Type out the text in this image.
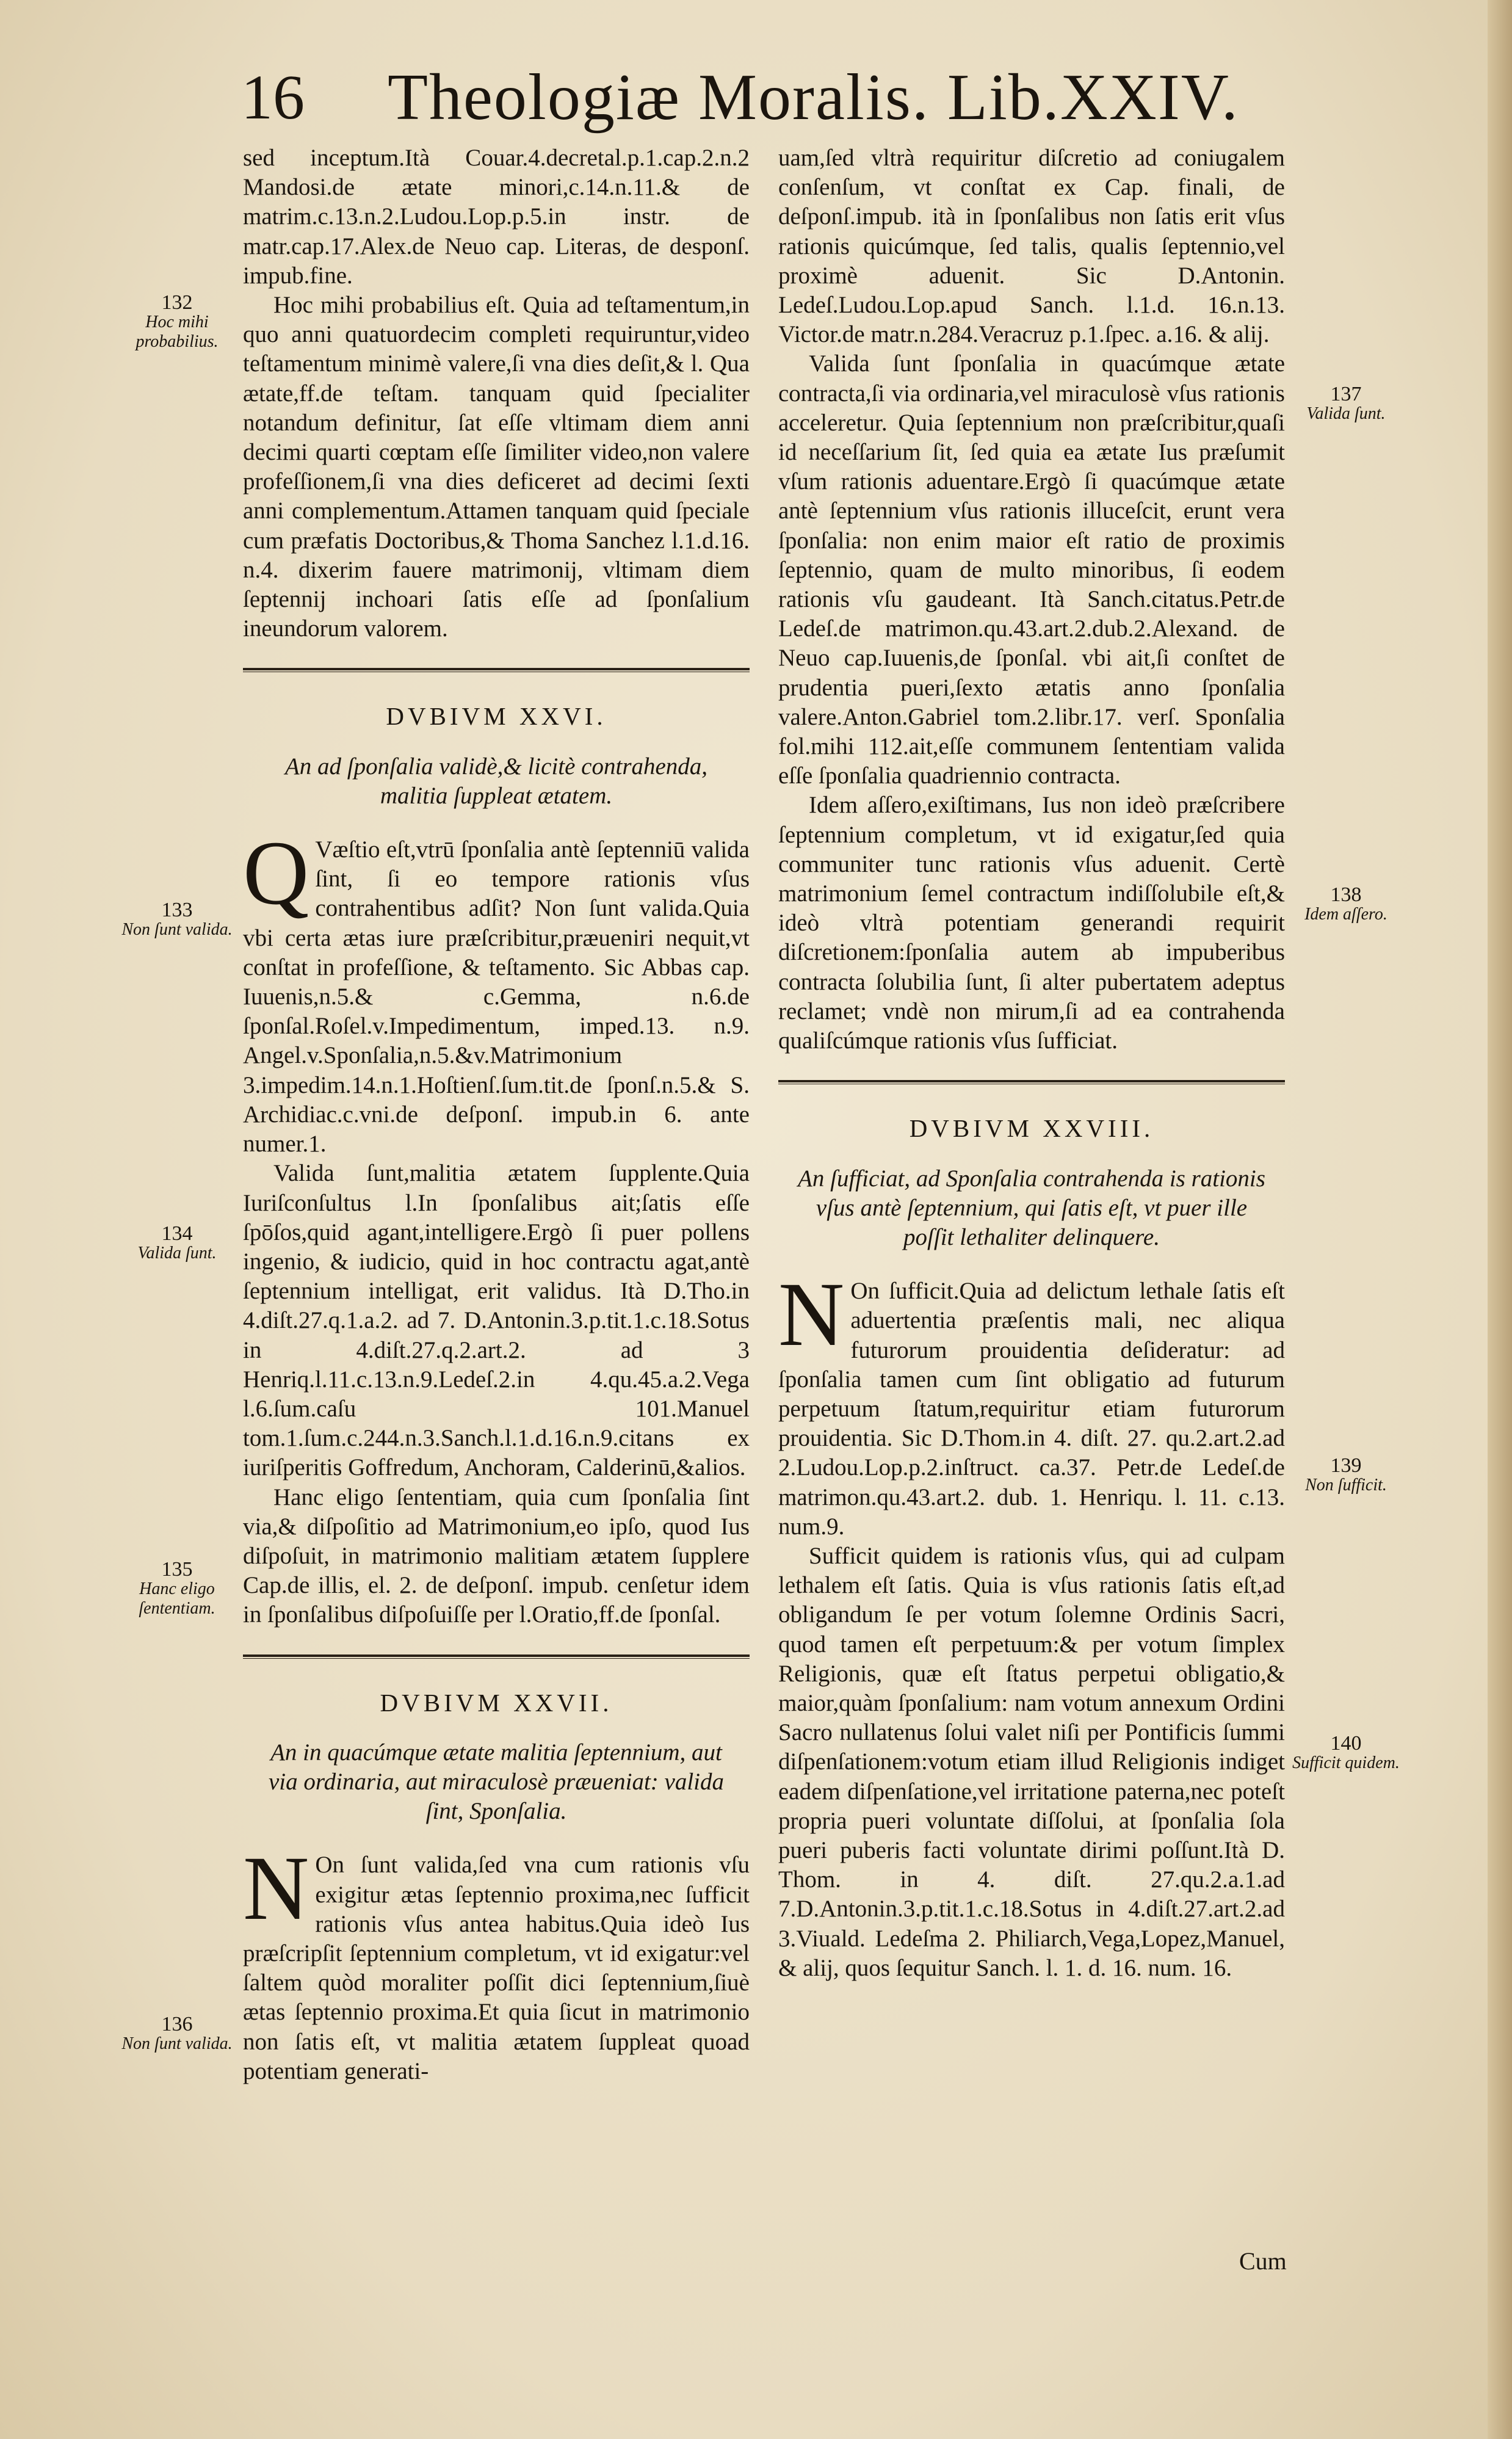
16 Theologiæ Moralis. Lib.XXIV.

sed inceptum.Ità Couar.4.decretal.p.1.cap.2.n.2 Mandosi.de ætate minori,c.14.n.11.& de matrim.c.13.n.2.Ludou.Lop.p.5.in instr. de matr.cap.17.Alex.de Neuo cap. Literas, de desponſ. impub.fine.

Hoc mihi probabilius eſt. Quia ad teſtamentum,in quo anni quatuordecim completi requiruntur,video teſtamentum minimè valere,ſi vna dies deſit,& l. Qua ætate,ff.de teſtam. tanquam quid ſpecialiter notandum definitur, ſat eſſe vltimam diem anni decimi quarti cœptam eſſe ſimiliter video,non valere profeſſionem,ſi vna dies deficeret ad decimi ſexti anni complementum.Attamen tanquam quid ſpeciale cum præfatis Doctoribus,& Thoma Sanchez l.1.d.16. n.4. dixerim fauere matrimonij, vltimam diem ſeptennij inchoari ſatis eſſe ad ſponſalium ineundorum valorem.

DVBIVM XXVI.
An ad ſponſalia validè,& licitè contrahenda, malitia ſuppleat ætatem.

Q Væſtio eſt,vtrū ſponſalia antè ſeptenniū valida ſint, ſi eo tempore rationis vſus contrahentibus adſit? Non ſunt valida.Quia vbi certa ætas iure præſcribitur,præueniri nequit,vt conſtat in profeſſione, & teſtamento. Sic Abbas cap. Iuuenis,n.5.& c.Gemma, n.6.de ſponſal.Roſel.v.Impedimentum, imped.13. n.9. Angel.v.Sponſalia,n.5.&v.Matrimonium 3.impedim.14.n.1.Hoſtienſ.ſum.tit.de ſponſ.n.5.& S. Archidiac.c.vni.de deſponſ. impub.in 6. ante numer.1.

Valida ſunt,malitia ætatem ſupplente.Quia Iuriſconſultus l.In ſponſalibus ait;ſatis eſſe ſpōſos,quid agant,intelligere.Ergò ſi puer pollens ingenio, & iudicio, quid in hoc contractu agat,antè ſeptennium intelligat, erit validus. Ità D.Tho.in 4.diſt.27.q.1.a.2. ad 7. D.Antonin.3.p.tit.1.c.18.Sotus in 4.diſt.27.q.2.art.2. ad 3 Henriq.l.11.c.13.n.9.Ledeſ.2.in 4.qu.45.a.2.Vega l.6.ſum.caſu 101.Manuel tom.1.ſum.c.244.n.3.Sanch.l.1.d.16.n.9.citans ex iuriſperitis Goffredum, Anchoram, Calderinū,&alios.

Hanc eligo ſententiam, quia cum ſponſalia ſint via,& diſpoſitio ad Matrimonium,eo ipſo, quod Ius diſpoſuit, in matrimonio malitiam ætatem ſupplere Cap.de illis, el. 2. de deſponſ. impub. cenſetur idem in ſponſalibus diſpoſuiſſe per l.Oratio,ff.de ſponſal.

DVBIVM XXVII.
An in quacúmque ætate malitia ſeptennium, aut via ordinaria, aut miraculosè præueniat: valida ſint, Sponſalia.

N On ſunt valida,ſed vna cum rationis vſu exigitur ætas ſeptennio proxima,nec ſufficit rationis vſus antea habitus.Quia ideò Ius præſcripſit ſeptennium completum, vt id exigatur:vel ſaltem quòd moraliter poſſit dici ſeptennium,ſiuè ætas ſeptennio proxima.Et quia ſicut in matrimonio non ſatis eſt, vt malitia ætatem ſuppleat quoad potentiam generati-

uam,ſed vltrà requiritur diſcretio ad coniugalem conſenſum, vt conſtat ex Cap. finali, de deſponſ.impub. ità in ſponſalibus non ſatis erit vſus rationis quicúmque, ſed talis, qualis ſeptennio,vel proximè aduenit. Sic D.Antonin. Ledeſ.Ludou.Lop.apud Sanch. l.1.d. 16.n.13. Victor.de matr.n.284.Veracruz p.1.ſpec. a.16. & alij.

Valida ſunt ſponſalia in quacúmque ætate contracta,ſi via ordinaria,vel miraculosè vſus rationis acceleretur. Quia ſeptennium non præſcribitur,quaſi id neceſſarium ſit, ſed quia ea ætate Ius præſumit vſum rationis aduentare.Ergò ſi quacúmque ætate antè ſeptennium vſus rationis illuceſcit, erunt vera ſponſalia: non enim maior eſt ratio de proximis ſeptennio, quam de multo minoribus, ſi eodem rationis vſu gaudeant. Ità Sanch.citatus.Petr.de Ledeſ.de matrimon.qu.43.art.2.dub.2.Alexand. de Neuo cap.Iuuenis,de ſponſal. vbi ait,ſi conſtet de prudentia pueri,ſexto ætatis anno ſponſalia valere.Anton.Gabriel tom.2.libr.17. verſ. Sponſalia fol.mihi 112.ait,eſſe communem ſententiam valida eſſe ſponſalia quadriennio contracta.

Idem aſſero,exiſtimans, Ius non ideò præſcribere ſeptennium completum, vt id exigatur,ſed quia communiter tunc rationis vſus aduenit. Certè matrimonium ſemel contractum indiſſolubile eſt,& ideò vltrà potentiam generandi requirit diſcretionem:ſponſalia autem ab impuberibus contracta ſolubilia ſunt, ſi alter pubertatem adeptus reclamet; vndè non mirum,ſi ad ea contrahenda qualiſcúmque rationis vſus ſufficiat.

DVBIVM XXVIII.
An ſufficiat, ad Sponſalia contrahenda is rationis vſus antè ſeptennium, qui ſatis eſt, vt puer ille poſſit lethaliter delinquere.

N On ſufficit.Quia ad delictum lethale ſatis eſt aduertentia præſentis mali, nec aliqua futurorum prouidentia deſideratur: ad ſponſalia tamen cum ſint obligatio ad futurum perpetuum ſtatum,requiritur etiam futurorum prouidentia. Sic D.Thom.in 4. diſt. 27. qu.2.art.2.ad 2.Ludou.Lop.p.2.inſtruct. ca.37. Petr.de Ledeſ.de matrimon.qu.43.art.2. dub. 1. Henriqu. l. 11. c.13. num.9.

Sufficit quidem is rationis vſus, qui ad culpam lethalem eſt ſatis. Quia is vſus rationis ſatis eſt,ad obligandum ſe per votum ſolemne Ordinis Sacri, quod tamen eſt perpetuum:& per votum ſimplex Religionis, quæ eſt ſtatus perpetui obligatio,& maior,quàm ſponſalium: nam votum annexum Ordini Sacro nullatenus ſolui valet niſi per Pontificis ſummi diſpenſationem:votum etiam illud Religionis indiget eadem diſpenſatione,vel irritatione paterna,nec poteſt propria pueri voluntate diſſolui, at ſponſalia ſola pueri puberis facti voluntate dirimi poſſunt.Ità D. Thom. in 4. diſt. 27.qu.2.a.1.ad 7.D.Antonin.3.p.tit.1.c.18.Sotus in 4.diſt.27.art.2.ad 3.Viuald. Ledeſma 2. Philiarch,Vega,Lopez,Manuel, & alij, quos ſequitur Sanch. l. 1. d. 16. num. 16.

Cum
132
Hoc mihi probabilius.
133
Non ſunt valida.
134
Valida ſunt.
135
Hanc eligo ſententiam.
136
Non ſunt valida.
137
Valida ſunt.
138
Idem aſſero.
139
Non ſufficit.
140
Sufficit quidem.
